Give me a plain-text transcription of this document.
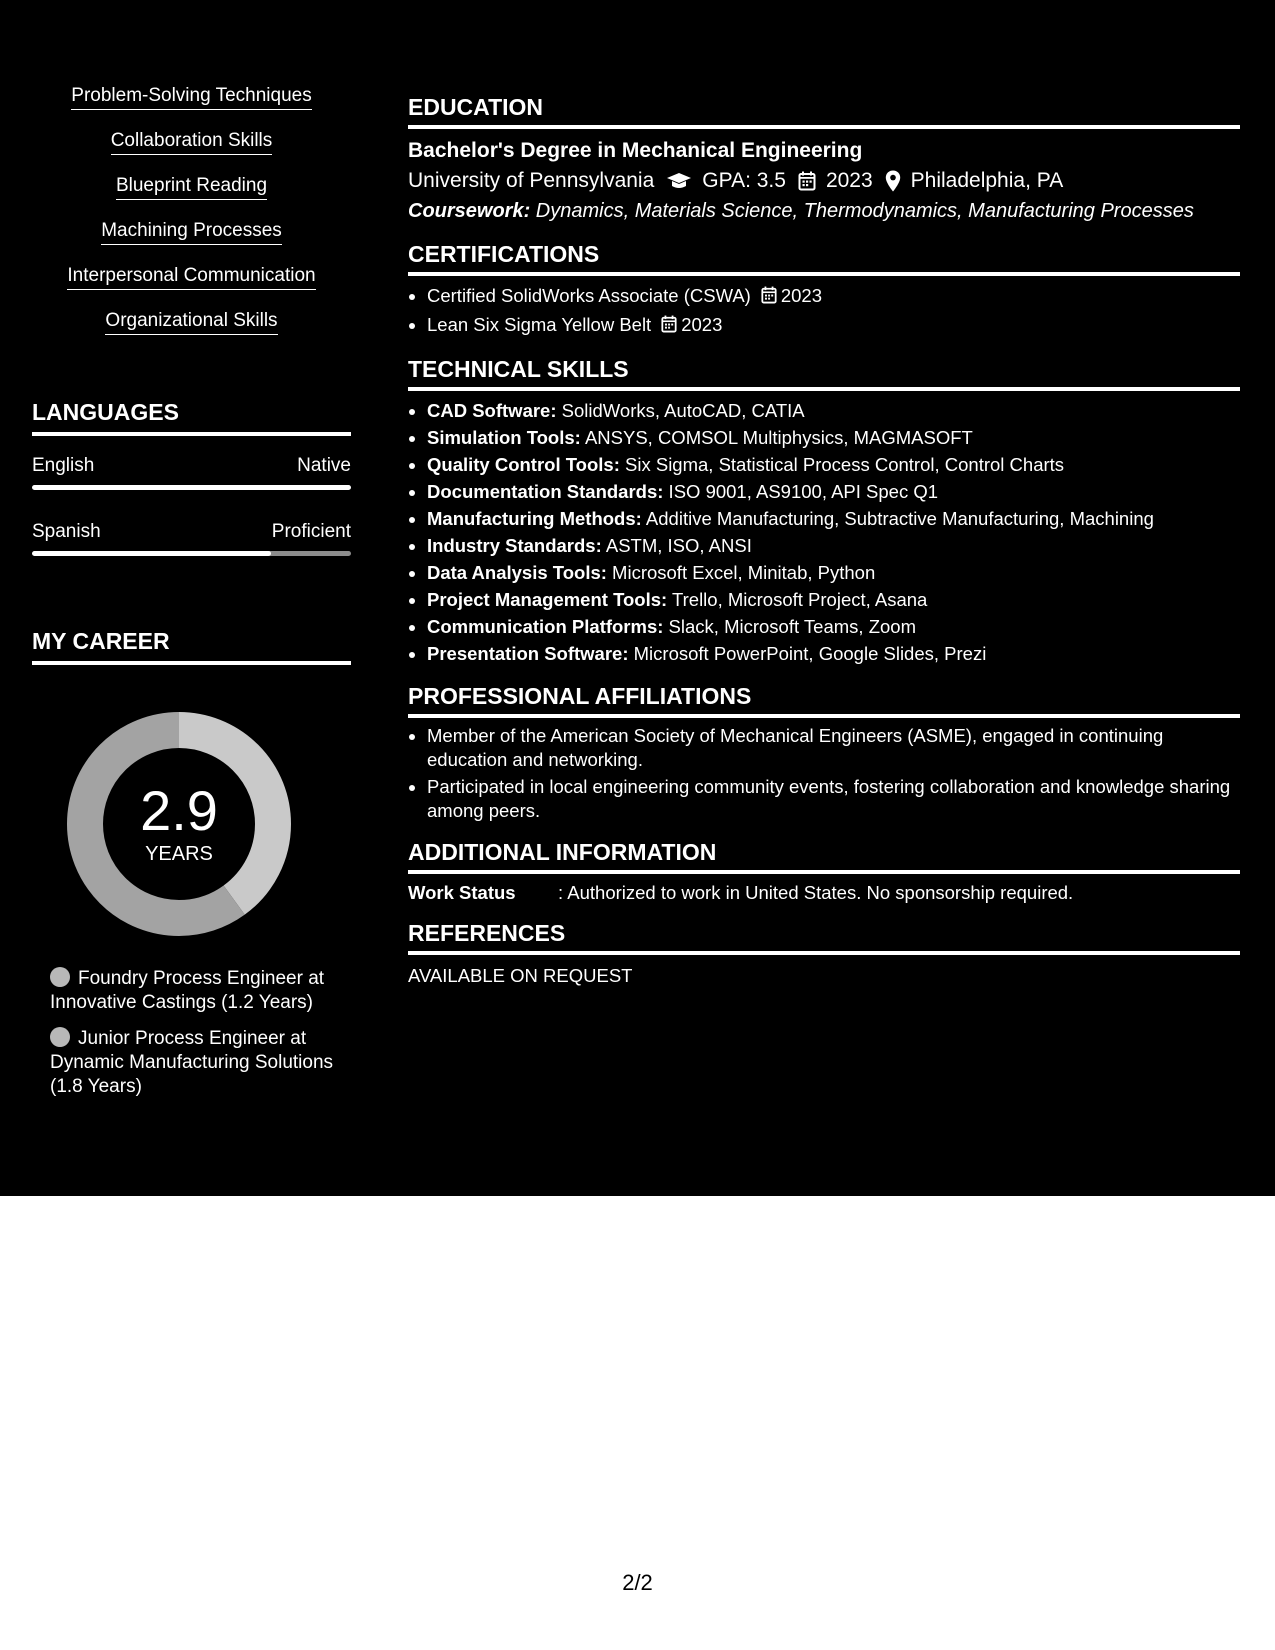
Problem-Solving Techniques
Collaboration Skills
Blueprint Reading
Machining Processes
Interpersonal Communication
Organizational Skills
LANGUAGES
English	Native
Spanish	Proficient
MY CAREER
2.9
YEARS
Foundry Process Engineer at Innovative Castings (1.2 Years)
Junior Process Engineer at Dynamic Manufacturing Solutions (1.8 Years)
EDUCATION
Bachelor's Degree in Mechanical Engineering
University of Pennsylvania GPA: 3.5 2023 Philadelphia, PA
Coursework: Dynamics, Materials Science, Thermodynamics, Manufacturing Processes
CERTIFICATIONS
• Certified SolidWorks Associate (CSWA) 2023
• Lean Six Sigma Yellow Belt 2023
TECHNICAL SKILLS
• CAD Software: SolidWorks, AutoCAD, CATIA
• Simulation Tools: ANSYS, COMSOL Multiphysics, MAGMASOFT
• Quality Control Tools: Six Sigma, Statistical Process Control, Control Charts
• Documentation Standards: ISO 9001, AS9100, API Spec Q1
• Manufacturing Methods: Additive Manufacturing, Subtractive Manufacturing, Machining
• Industry Standards: ASTM, ISO, ANSI
• Data Analysis Tools: Microsoft Excel, Minitab, Python
• Project Management Tools: Trello, Microsoft Project, Asana
• Communication Platforms: Slack, Microsoft Teams, Zoom
• Presentation Software: Microsoft PowerPoint, Google Slides, Prezi
PROFESSIONAL AFFILIATIONS
• Member of the American Society of Mechanical Engineers (ASME), engaged in continuing education and networking.
• Participated in local engineering community events, fostering collaboration and knowledge sharing among peers.
ADDITIONAL INFORMATION
Work Status	: Authorized to work in United States. No sponsorship required.
REFERENCES
AVAILABLE ON REQUEST
2/2
